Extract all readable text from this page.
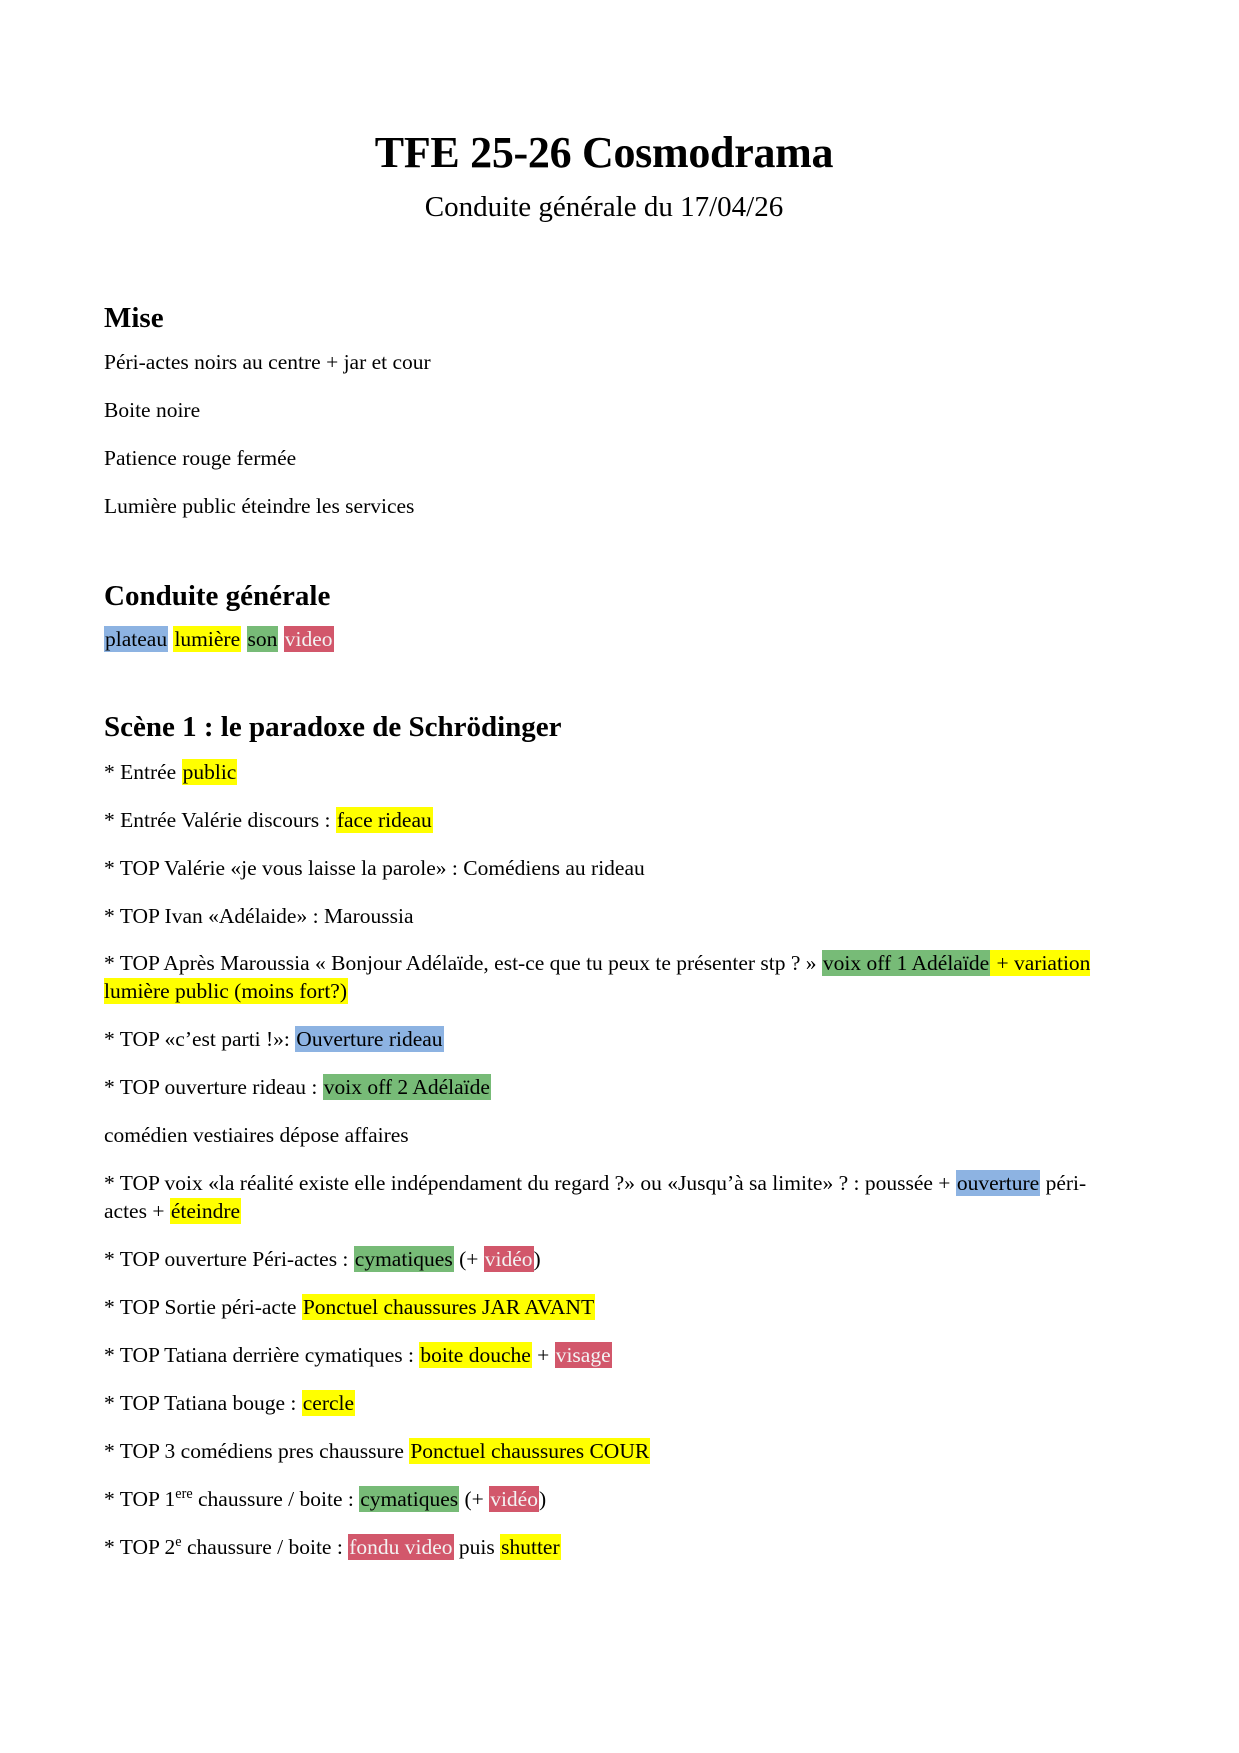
TFE 25-26 Cosmodrama
Conduite générale du 17/04/26
Mise

Péri-actes noirs au centre + jar et cour

Boite noire

Patience rouge fermée

Lumière public éteindre les services

Conduite générale

plateau lumière son video

Scène 1 : le paradoxe de Schrödinger

* Entrée public

* Entrée Valérie discours : face rideau

* TOP Valérie «je vous laisse la parole» : Comédiens au rideau

* TOP Ivan «Adélaide» : Maroussia

* TOP Après Maroussia « Bonjour Adélaïde, est-ce que tu peux te présenter stp ? » voix off 1 Adélaïde + variation lumière public (moins fort?)

* TOP «c’est parti !»: Ouverture rideau

* TOP ouverture rideau : voix off 2 Adélaïde

comédien vestiaires dépose affaires

* TOP voix «la réalité existe elle indépendament du regard ?» ou «Jusqu’à sa limite» ? : poussée + ouverture péri-actes + éteindre

* TOP ouverture Péri-actes : cymatiques (+ vidéo)

* TOP Sortie péri-acte Ponctuel chaussures JAR AVANT

* TOP Tatiana derrière cymatiques : boite douche + visage

* TOP Tatiana bouge : cercle

* TOP 3 comédiens pres chaussure Ponctuel chaussures COUR

* TOP 1ere chaussure / boite : cymatiques (+ vidéo)

* TOP 2e chaussure / boite : fondu video puis shutter
